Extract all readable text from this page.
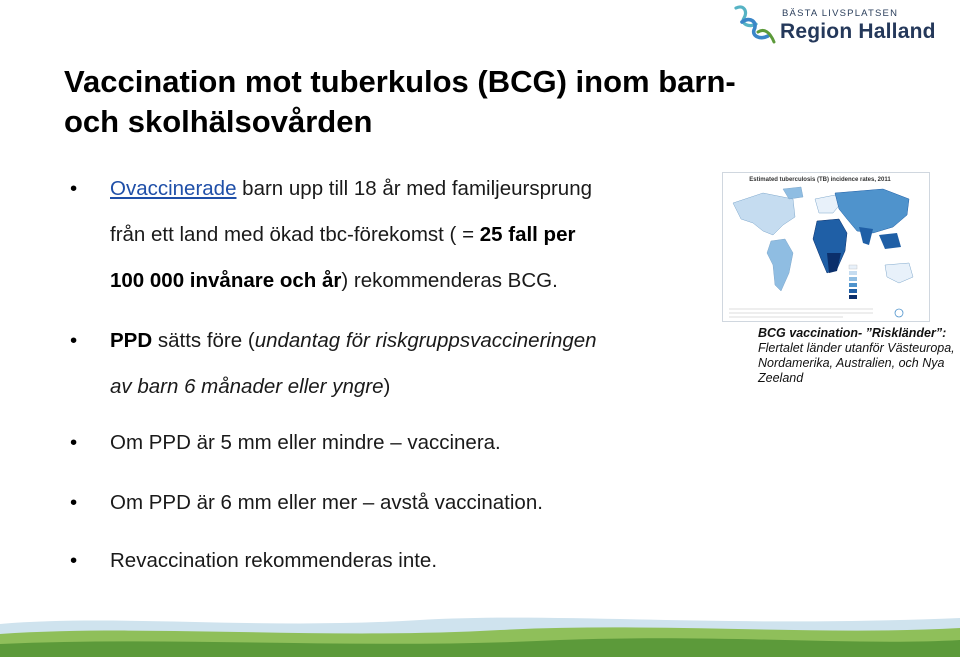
BÄSTA LIVSPLATSEN
Region Halland
Vaccination mot tuberkulos (BCG) inom barn-
och skolhälsovården
• Ovaccinerade barn upp till 18 år med familjeursprung
från ett land med ökad tbc-förekomst ( = 25 fall per
100 000 invånare och år) rekommenderas BCG.
• PPD sätts före (undantag för riskgruppsvaccineringen
av barn 6 månader eller yngre)
• Om PPD är 5 mm eller mindre – vaccinera.
• Om PPD är 6 mm eller mer – avstå vaccination.
• Revaccination rekommenderas inte.
Estimated tuberculosis (TB) incidence rates, 2011
BCG vaccination- ”Riskländer”:
Flertalet länder utanför Västeuropa,
Nordamerika, Australien, och Nya
Zeeland
